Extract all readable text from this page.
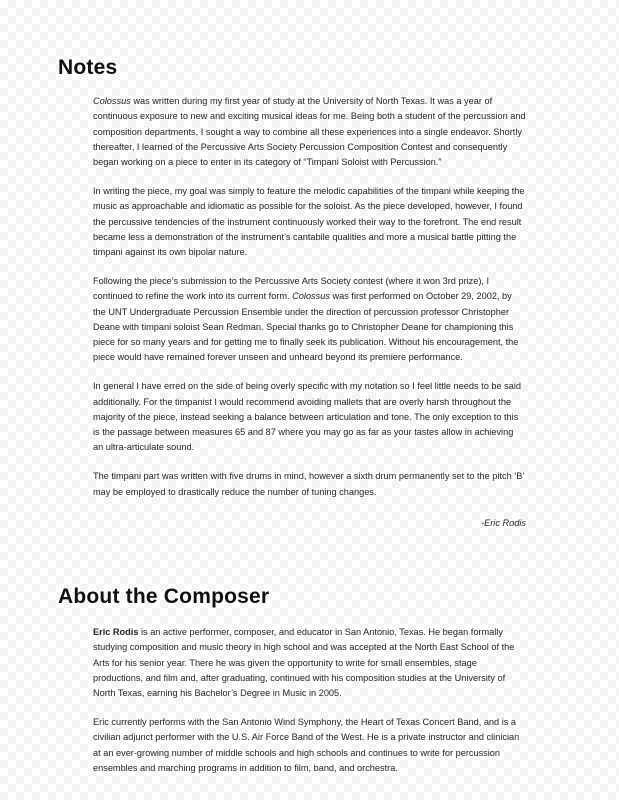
Notes

Colossus was written during my first year of study at the University of North Texas. It was a year of continuous exposure to new and exciting musical ideas for me. Being both a student of the percussion and composition departments, I sought a way to combine all these experiences into a single endeavor. Shortly thereafter, I learned of the Percussive Arts Society Percussion Composition Contest and consequently began working on a piece to enter in its category of “Timpani Soloist with Percussion.”

In writing the piece, my goal was simply to feature the melodic capabilities of the timpani while keeping the music as approachable and idiomatic as possible for the soloist. As the piece developed, however, I found the percussive tendencies of the instrument continuously worked their way to the forefront. The end result became less a demonstration of the instrument’s cantabile qualities and more a musical battle pitting the timpani against its own bipolar nature.

Following the piece’s submission to the Percussive Arts Society contest (where it won 3rd prize), I continued to refine the work into its current form. Colossus was first performed on October 29, 2002, by the UNT Undergraduate Percussion Ensemble under the direction of percussion professor Christopher Deane with timpani soloist Sean Redman. Special thanks go to Christopher Deane for championing this piece for so many years and for getting me to finally seek its publication. Without his encouragement, the piece would have remained forever unseen and unheard beyond its premiere performance.

In general I have erred on the side of being overly specific with my notation so I feel little needs to be said additionally. For the timpanist I would recommend avoiding mallets that are overly harsh throughout the majority of the piece, instead seeking a balance between articulation and tone. The only exception to this is the passage between measures 65 and 87 where you may go as far as your tastes allow in achieving an ultra-articulate sound.

The timpani part was written with five drums in mind, however a sixth drum permanently set to the pitch ‘B’ may be employed to drastically reduce the number of tuning changes.

-Eric Rodis

About the Composer

Eric Rodis is an active performer, composer, and educator in San Antonio, Texas. He began formally studying composition and music theory in high school and was accepted at the North East School of the Arts for his senior year. There he was given the opportunity to write for small ensembles, stage productions, and film and, after graduating, continued with his composition studies at the University of North Texas, earning his Bachelor’s Degree in Music in 2005.

Eric currently performs with the San Antonio Wind Symphony, the Heart of Texas Concert Band, and is a civilian adjunct performer with the U.S. Air Force Band of the West. He is a private instructor and clinician at an ever-growing number of middle schools and high schools and continues to write for percussion ensembles and marching programs in addition to film, band, and orchestra.
